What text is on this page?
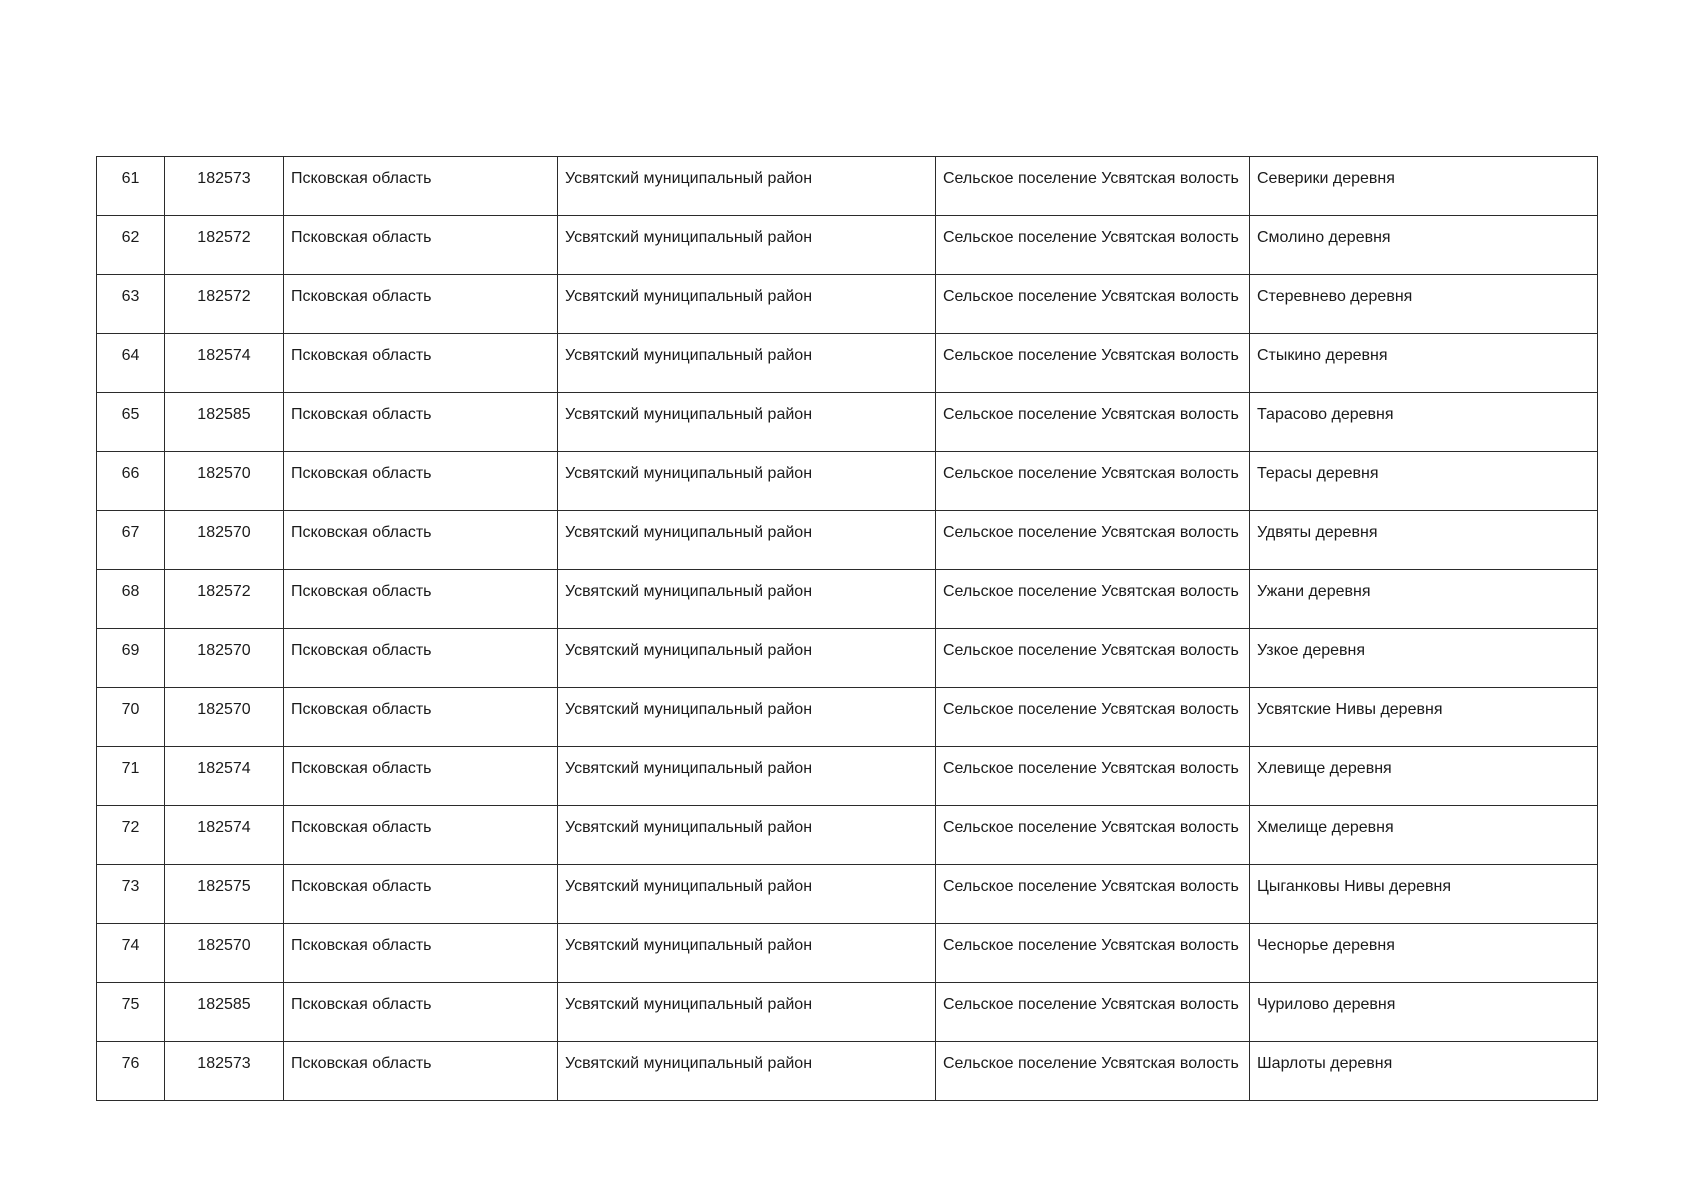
61	182573	Псковская область	Усвятский муниципальный район	Сельское поселение Усвятская волость	Северики деревня
62	182572	Псковская область	Усвятский муниципальный район	Сельское поселение Усвятская волость	Смолино деревня
63	182572	Псковская область	Усвятский муниципальный район	Сельское поселение Усвятская волость	Стеревнево деревня
64	182574	Псковская область	Усвятский муниципальный район	Сельское поселение Усвятская волость	Стыкино деревня
65	182585	Псковская область	Усвятский муниципальный район	Сельское поселение Усвятская волость	Тарасово деревня
66	182570	Псковская область	Усвятский муниципальный район	Сельское поселение Усвятская волость	Терасы деревня
67	182570	Псковская область	Усвятский муниципальный район	Сельское поселение Усвятская волость	Удвяты деревня
68	182572	Псковская область	Усвятский муниципальный район	Сельское поселение Усвятская волость	Ужани деревня
69	182570	Псковская область	Усвятский муниципальный район	Сельское поселение Усвятская волость	Узкое деревня
70	182570	Псковская область	Усвятский муниципальный район	Сельское поселение Усвятская волость	Усвятские Нивы деревня
71	182574	Псковская область	Усвятский муниципальный район	Сельское поселение Усвятская волость	Хлевище деревня
72	182574	Псковская область	Усвятский муниципальный район	Сельское поселение Усвятская волость	Хмелище деревня
73	182575	Псковская область	Усвятский муниципальный район	Сельское поселение Усвятская волость	Цыганковы Нивы деревня
74	182570	Псковская область	Усвятский муниципальный район	Сельское поселение Усвятская волость	Чеснорье деревня
75	182585	Псковская область	Усвятский муниципальный район	Сельское поселение Усвятская волость	Чурилово деревня
76	182573	Псковская область	Усвятский муниципальный район	Сельское поселение Усвятская волость	Шарлоты деревня
